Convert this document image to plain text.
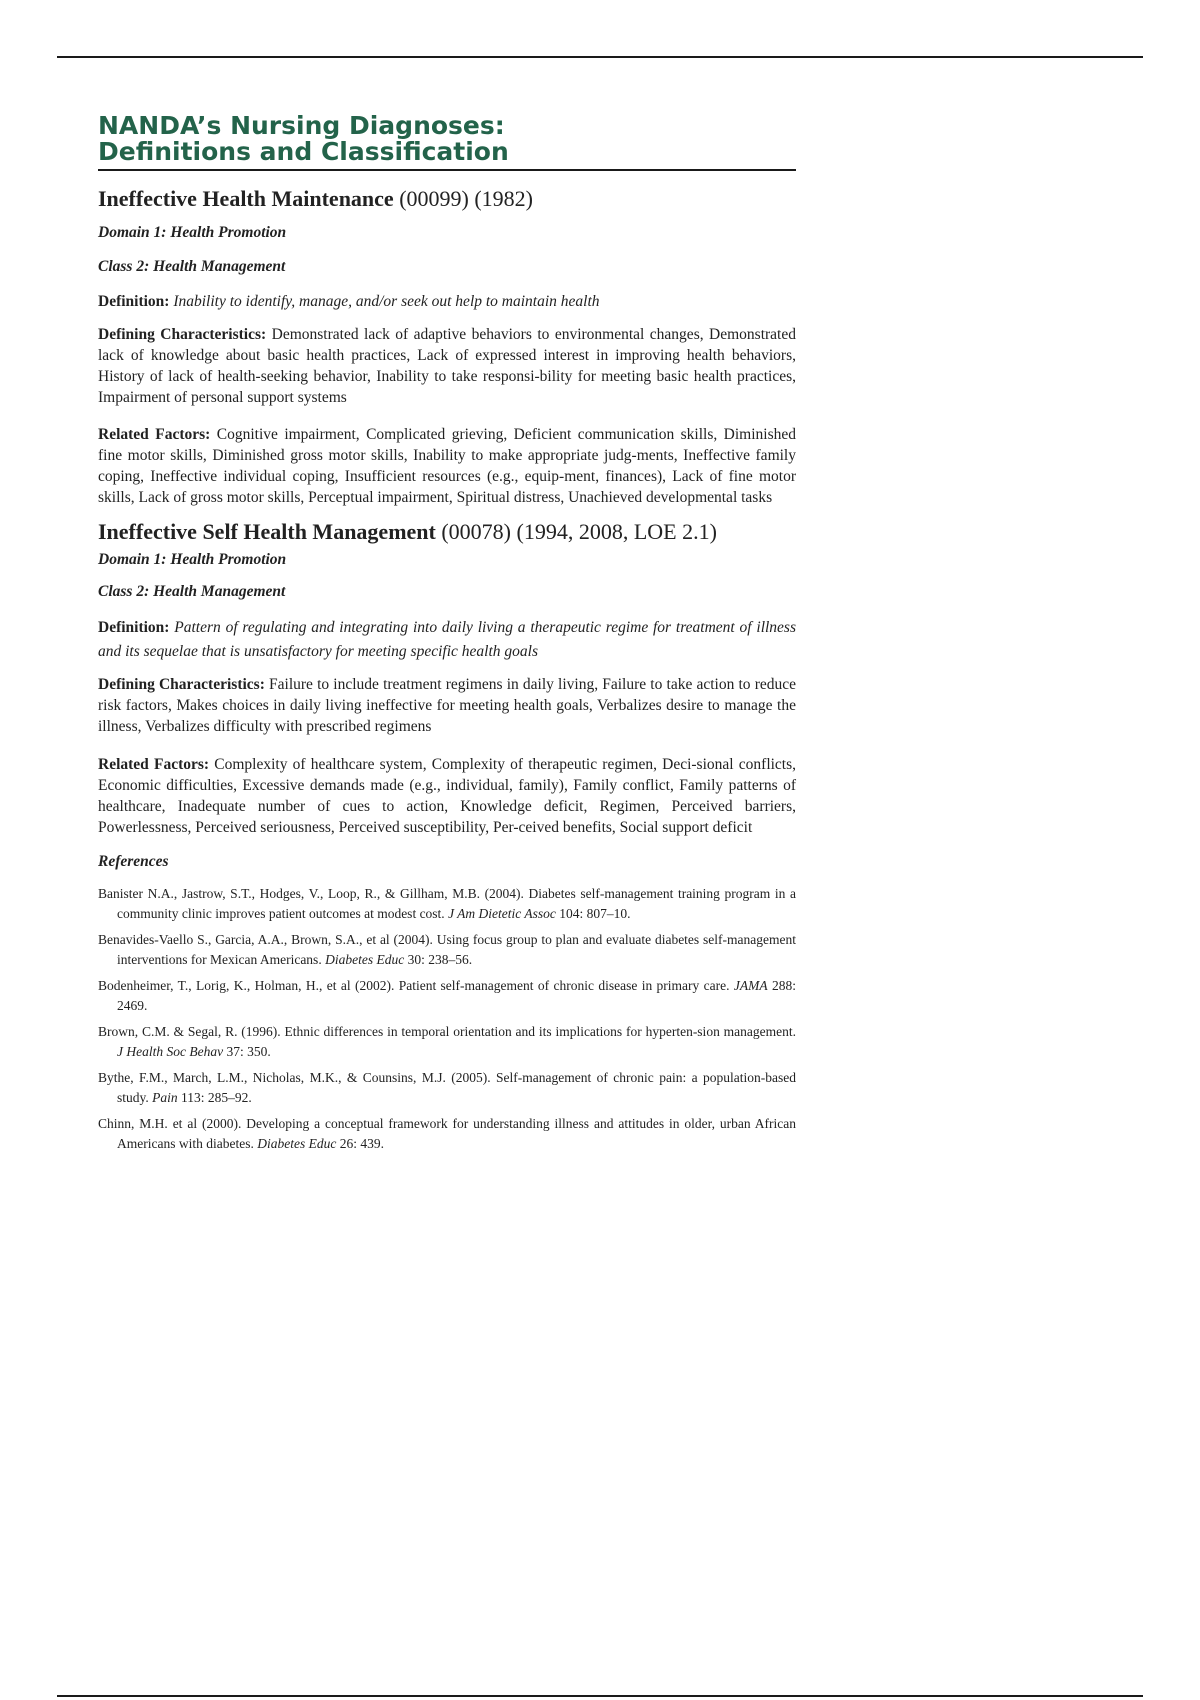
NANDA’s Nursing Diagnoses:
Definitions and Classification
Ineffective Health Maintenance (00099) (1982)

Domain 1: Health Promotion

Class 2: Health Management

Definition: Inability to identify, manage, and/or seek out help to maintain health

Defining Characteristics: Demonstrated lack of adaptive behaviors to environmental changes, Demonstrated lack of knowledge about basic health practices, Lack of expressed interest in improving health behaviors, History of lack of health-seeking behavior, Inability to take responsi-bility for meeting basic health practices, Impairment of personal support systems

Related Factors: Cognitive impairment, Complicated grieving, Deficient communication skills, Diminished fine motor skills, Diminished gross motor skills, Inability to make appropriate judg-ments, Ineffective family coping, Ineffective individual coping, Insufficient resources (e.g., equip-ment, finances), Lack of fine motor skills, Lack of gross motor skills, Perceptual impairment, Spiritual distress, Unachieved developmental tasks

Ineffective Self Health Management (00078) (1994, 2008, LOE 2.1)

Domain 1: Health Promotion

Class 2: Health Management

Definition: Pattern of regulating and integrating into daily living a therapeutic regime for treatment of illness and its sequelae that is unsatisfactory for meeting specific health goals

Defining Characteristics: Failure to include treatment regimens in daily living, Failure to take action to reduce risk factors, Makes choices in daily living ineffective for meeting health goals, Verbalizes desire to manage the illness, Verbalizes difficulty with prescribed regimens

Related Factors: Complexity of healthcare system, Complexity of therapeutic regimen, Deci-sional conflicts, Economic difficulties, Excessive demands made (e.g., individual, family), Family conflict, Family patterns of healthcare, Inadequate number of cues to action, Knowledge deficit, Regimen, Perceived barriers, Powerlessness, Perceived seriousness, Perceived susceptibility, Per-ceived benefits, Social support deficit

References

Banister N.A., Jastrow, S.T., Hodges, V., Loop, R., & Gillham, M.B. (2004). Diabetes self-management training program in a community clinic improves patient outcomes at modest cost. J Am Dietetic Assoc 104: 807–10.

Benavides-Vaello S., Garcia, A.A., Brown, S.A., et al (2004). Using focus group to plan and evaluate diabetes self-management interventions for Mexican Americans. Diabetes Educ 30: 238–56.

Bodenheimer, T., Lorig, K., Holman, H., et al (2002). Patient self-management of chronic disease in primary care. JAMA 288: 2469.

Brown, C.M. & Segal, R. (1996). Ethnic differences in temporal orientation and its implications for hyperten-sion management. J Health Soc Behav 37: 350.

Bythe, F.M., March, L.M., Nicholas, M.K., & Counsins, M.J. (2005). Self-management of chronic pain: a population-based study. Pain 113: 285–92.

Chinn, M.H. et al (2000). Developing a conceptual framework for understanding illness and attitudes in older, urban African Americans with diabetes. Diabetes Educ 26: 439.
